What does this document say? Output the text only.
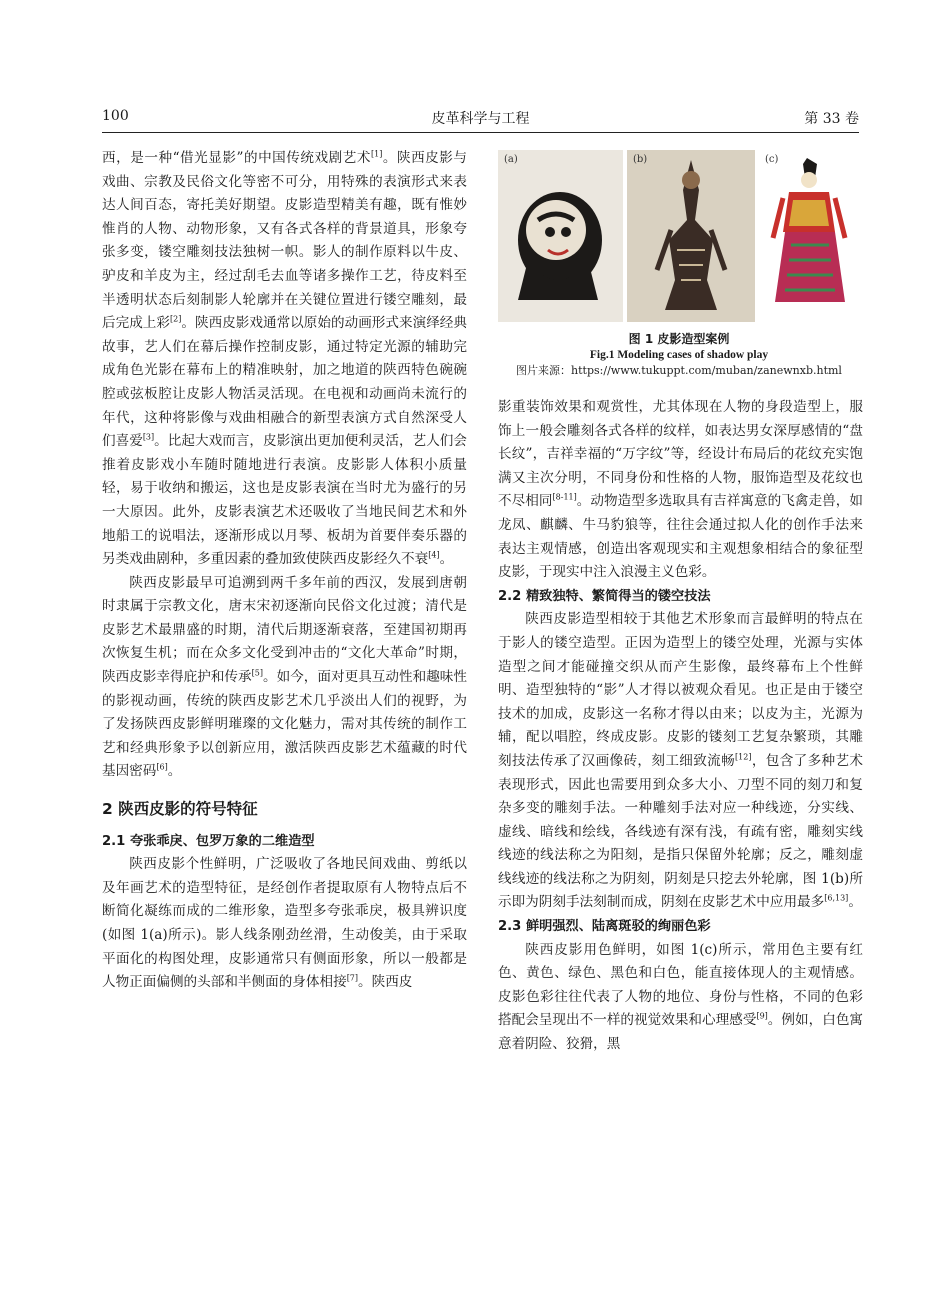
100	皮革科学与工程	第 33 卷

西，是一种“借光显影”的中国传统戏剧艺术[1]。陕西皮影与戏曲、宗教及民俗文化等密不可分，用特殊的表演形式来表达人间百态，寄托美好期望。皮影造型精美有趣，既有惟妙惟肖的人物、动物形象，又有各式各样的背景道具，形象夸张多变，镂空雕刻技法独树一帜。影人的制作原料以牛皮、驴皮和羊皮为主，经过刮毛去血等诸多操作工艺，待皮料至半透明状态后刻制影人轮廓并在关键位置进行镂空雕刻，最后完成上彩[2]。陕西皮影戏通常以原始的动画形式来演绎经典故事，艺人们在幕后操作控制皮影，通过特定光源的辅助完成角色光影在幕布上的精准映射，加之地道的陕西特色碗碗腔或弦板腔让皮影人物活灵活现。在电视和动画尚未流行的年代，这种将影像与戏曲相融合的新型表演方式自然深受人们喜爱[3]。比起大戏而言，皮影演出更加便利灵活，艺人们会推着皮影戏小车随时随地进行表演。皮影影人体积小质量轻，易于收纳和搬运，这也是皮影表演在当时尤为盛行的另一大原因。此外，皮影表演艺术还吸收了当地民间艺术和外地船工的说唱法，逐渐形成以月琴、板胡为首要伴奏乐器的另类戏曲剧种，多重因素的叠加致使陕西皮影经久不衰[4]。

陕西皮影最早可追溯到两千多年前的西汉，发展到唐朝时隶属于宗教文化，唐末宋初逐渐向民俗文化过渡；清代是皮影艺术最鼎盛的时期，清代后期逐渐衰落，至建国初期再次恢复生机；而在众多文化受到冲击的“文化大革命”时期，陕西皮影幸得庇护和传承[5]。如今，面对更具互动性和趣味性的影视动画，传统的陕西皮影艺术几乎淡出人们的视野，为了发扬陕西皮影鲜明璀璨的文化魅力，需对其传统的制作工艺和经典形象予以创新应用，激活陕西皮影艺术蕴藏的时代基因密码[6]。

2 陕西皮影的符号特征
2.1 夸张乖戾、包罗万象的二维造型

陕西皮影个性鲜明，广泛吸收了各地民间戏曲、剪纸以及年画艺术的造型特征，是经创作者提取原有人物特点后不断简化凝练而成的二维形象，造型多夸张乖戾，极具辨识度(如图 1(a)所示)。影人线条刚劲丝滑，生动俊美，由于采取平面化的构图处理，皮影通常只有侧面形象，所以一般都是人物正面偏侧的头部和半侧面的身体相接[7]。陕西皮

(a)	(b)	(c)
图 1 皮影造型案例
Fig.1 Modeling cases of shadow play
图片来源：https://www.tukuppt.com/muban/zanewnxb.html

影重装饰效果和观赏性，尤其体现在人物的身段造型上，服饰上一般会雕刻各式各样的纹样，如表达男女深厚感情的“盘长纹”，吉祥幸福的“万字纹”等，经设计布局后的花纹充实饱满又主次分明，不同身份和性格的人物，服饰造型及花纹也不尽相同[8-11]。动物造型多选取具有吉祥寓意的飞禽走兽，如龙凤、麒麟、牛马豹狼等，往往会通过拟人化的创作手法来表达主观情感，创造出客观现实和主观想象相结合的象征型皮影，于现实中注入浪漫主义色彩。

2.2 精致独特、繁简得当的镂空技法

陕西皮影造型相较于其他艺术形象而言最鲜明的特点在于影人的镂空造型。正因为造型上的镂空处理，光源与实体造型之间才能碰撞交织从而产生影像，最终幕布上个性鲜明、造型独特的“影”人才得以被观众看见。也正是由于镂空技术的加成，皮影这一名称才得以由来；以皮为主，光源为辅，配以唱腔，终成皮影。皮影的镂刻工艺复杂繁琐，其雕刻技法传承了汉画像砖，刻工细致流畅[12]，包含了多种艺术表现形式，因此也需要用到众多大小、刀型不同的刻刀和复杂多变的雕刻手法。一种雕刻手法对应一种线迹，分实线、虚线、暗线和绘线，各线迹有深有浅，有疏有密，雕刻实线线迹的线法称之为阳刻，是指只保留外轮廓；反之，雕刻虚线线迹的线法称之为阴刻，阴刻是只挖去外轮廓，图 1(b)所示即为阴刻手法刻制而成，阴刻在皮影艺术中应用最多[6,13]。

2.3 鲜明强烈、陆离斑驳的绚丽色彩

陕西皮影用色鲜明，如图 1(c)所示，常用色主要有红色、黄色、绿色、黑色和白色，能直接体现人的主观情感。皮影色彩往往代表了人物的地位、身份与性格，不同的色彩搭配会呈现出不一样的视觉效果和心理感受[9]。例如，白色寓意着阴险、狡猾，黑
